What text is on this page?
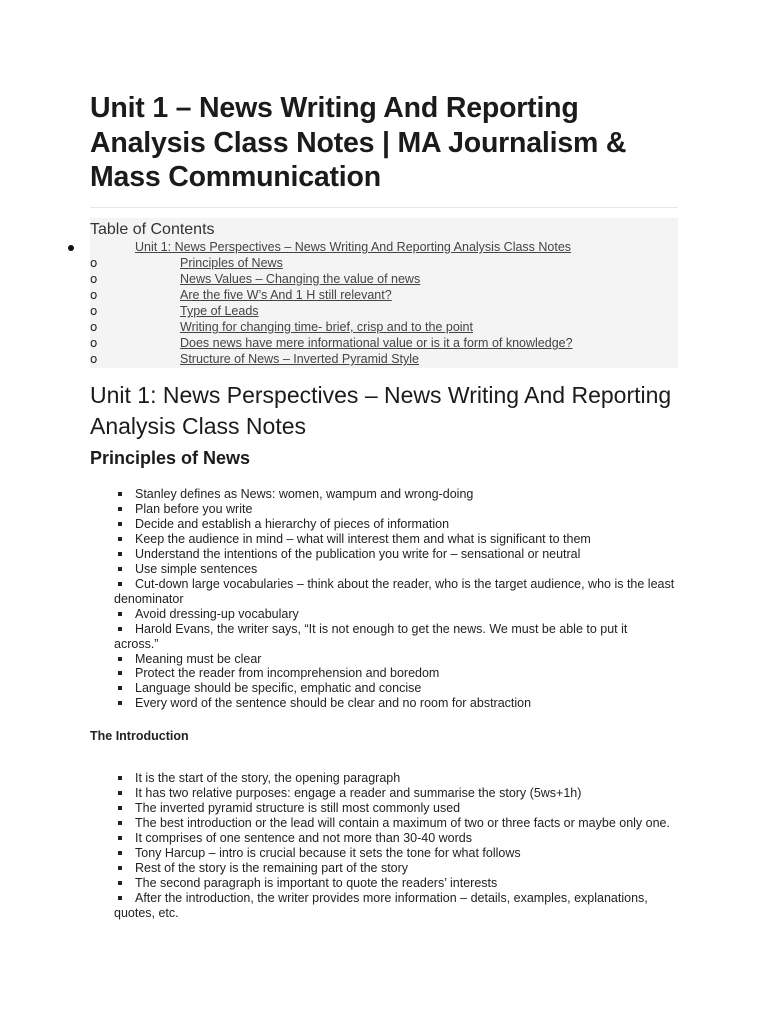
Unit 1 – News Writing And Reporting Analysis Class Notes | MA Journalism & Mass Communication
Table of Contents
Unit 1: News Perspectives – News Writing And Reporting Analysis Class Notes
o	Principles of News
o	News Values – Changing the value of news
o	Are the five W’s And 1 H still relevant?
o	Type of Leads
o	Writing for changing time- brief, crisp and to the point
o	Does news have mere informational value or is it a form of knowledge?
o	Structure of News – Inverted Pyramid Style
Unit 1: News Perspectives – News Writing And Reporting Analysis Class Notes
Principles of News
Stanley defines as News: women, wampum and wrong-doing
Plan before you write
Decide and establish a hierarchy of pieces of information
Keep the audience in mind – what will interest them and what is significant to them
Understand the intentions of the publication you write for – sensational or neutral
Use simple sentences
Cut-down large vocabularies – think about the reader, who is the target audience, who is the least
denominator
Avoid dressing-up vocabulary
Harold Evans, the writer says, “It is not enough to get the news. We must be able to put it
across.”
Meaning must be clear
Protect the reader from incomprehension and boredom
Language should be specific, emphatic and concise
Every word of the sentence should be clear and no room for abstraction
The Introduction
It is the start of the story, the opening paragraph
It has two relative purposes: engage a reader and summarise the story (5ws+1h)
The inverted pyramid structure is still most commonly used
The best introduction or the lead will contain a maximum of two or three facts or maybe only one.
It comprises of one sentence and not more than 30-40 words
Tony Harcup – intro is crucial because it sets the tone for what follows
Rest of the story is the remaining part of the story
The second paragraph is important to quote the readers’ interests
After the introduction, the writer provides more information – details, examples, explanations,
quotes, etc.
